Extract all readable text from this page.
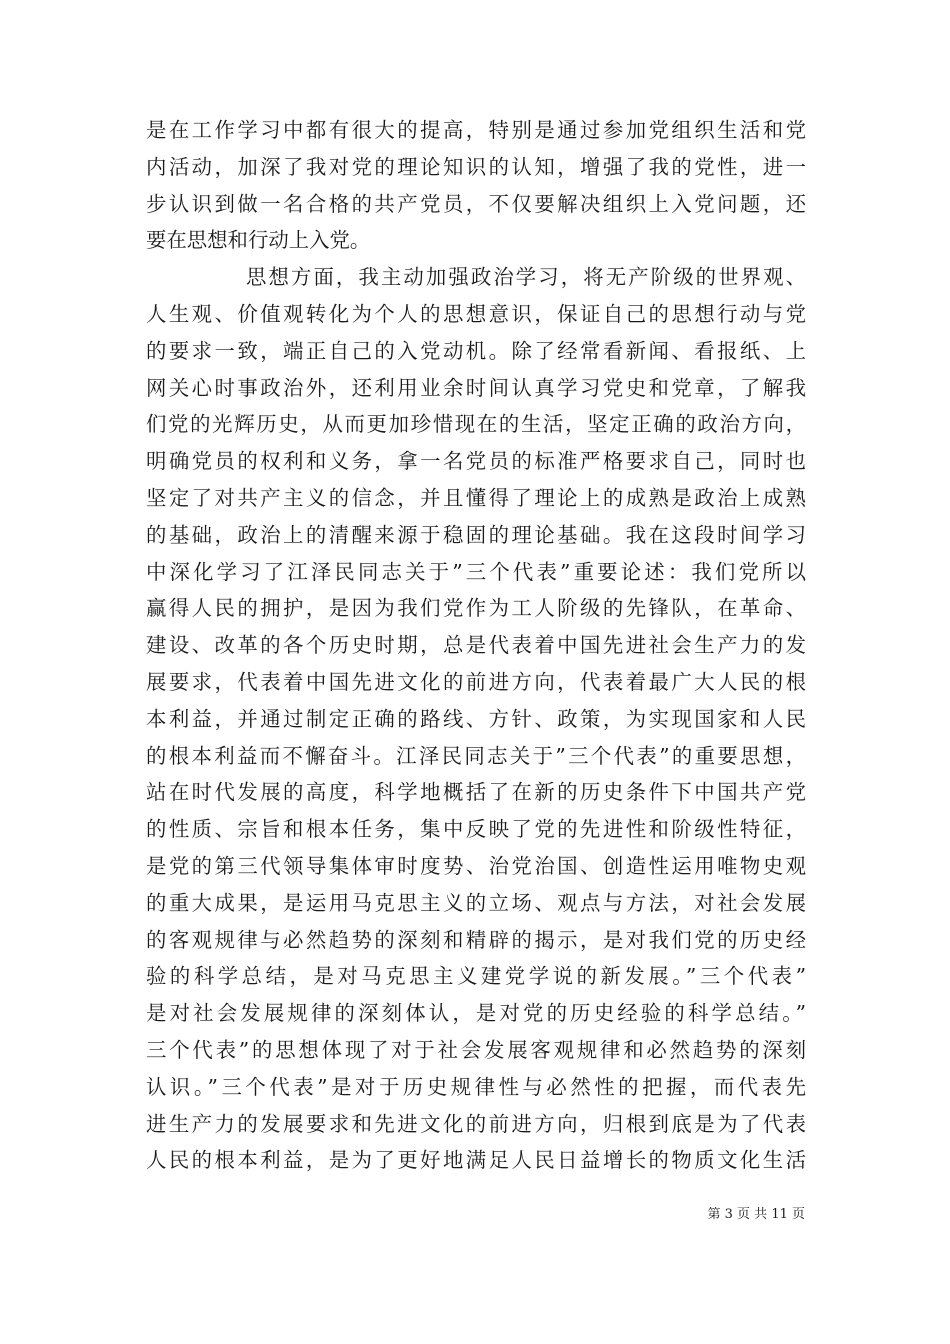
是在工作学习中都有很大的提高，特别是通过参加党组织生活和党
内活动，加深了我对党的理论知识的认知，增强了我的党性，进一
步认识到做一名合格的共产党员，不仅要解决组织上入党问题，还
要在思想和行动上入党。
思想方面，我主动加强政治学习，将无产阶级的世界观、
人生观、价值观转化为个人的思想意识，保证自己的思想行动与党
的要求一致，端正自己的入党动机。除了经常看新闻、看报纸、上
网关心时事政治外，还利用业余时间认真学习党史和党章，了解我
们党的光辉历史，从而更加珍惜现在的生活，坚定正确的政治方向，
明确党员的权利和义务，拿一名党员的标准严格要求自己，同时也
坚定了对共产主义的信念，并且懂得了理论上的成熟是政治上成熟
的基础，政治上的清醒来源于稳固的理论基础。我在这段时间学习
中深化学习了江泽民同志关于”三个代表”重要论述：我们党所以
赢得人民的拥护，是因为我们党作为工人阶级的先锋队，在革命、
建设、改革的各个历史时期，总是代表着中国先进社会生产力的发
展要求，代表着中国先进文化的前进方向，代表着最广大人民的根
本利益，并通过制定正确的路线、方针、政策，为实现国家和人民
的根本利益而不懈奋斗。江泽民同志关于”三个代表”的重要思想，
站在时代发展的高度，科学地概括了在新的历史条件下中国共产党
的性质、宗旨和根本任务，集中反映了党的先进性和阶级性特征，
是党的第三代领导集体审时度势、治党治国、创造性运用唯物史观
的重大成果，是运用马克思主义的立场、观点与方法，对社会发展
的客观规律与必然趋势的深刻和精辟的揭示，是对我们党的历史经
验的科学总结，是对马克思主义建党学说的新发展。”三个代表”
是对社会发展规律的深刻体认，是对党的历史经验的科学总结。”
三个代表”的思想体现了对于社会发展客观规律和必然趋势的深刻
认识。”三个代表”是对于历史规律性与必然性的把握，而代表先
进生产力的发展要求和先进文化的前进方向，归根到底是为了代表
人民的根本利益，是为了更好地满足人民日益增长的物质文化生活
第 3 页 共 11 页
